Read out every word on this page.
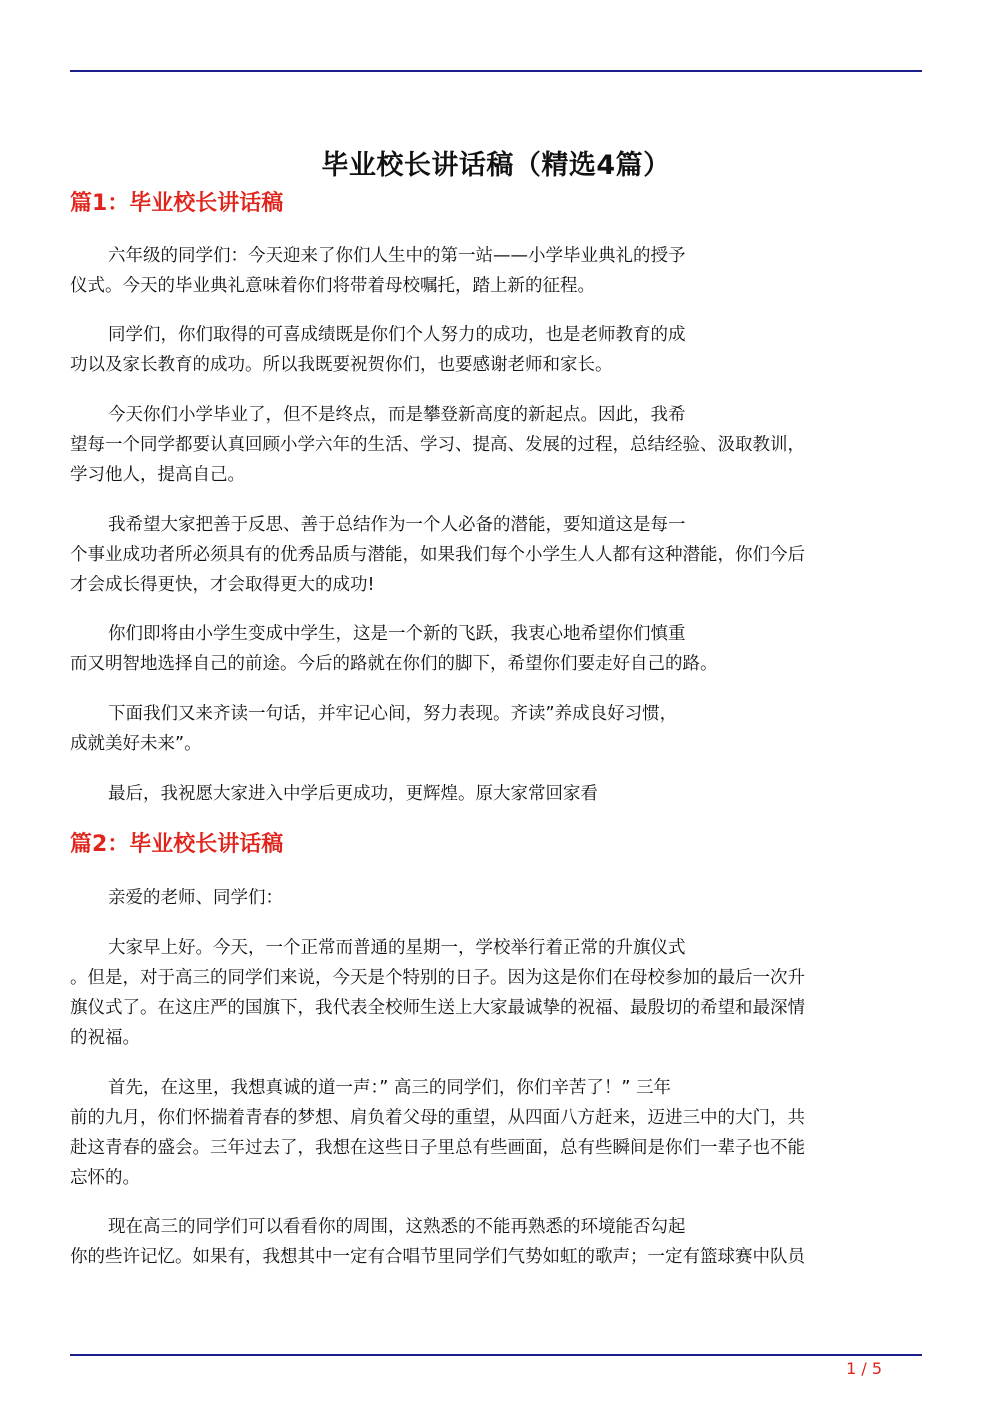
毕业校长讲话稿（精选4篇）
篇1：毕业校长讲话稿

六年级的同学们：今天迎来了你们人生中的第一站——小学毕业典礼的授予
仪式。今天的毕业典礼意味着你们将带着母校嘱托，踏上新的征程。

同学们，你们取得的可喜成绩既是你们个人努力的成功，也是老师教育的成
功以及家长教育的成功。所以我既要祝贺你们，也要感谢老师和家长。

今天你们小学毕业了，但不是终点，而是攀登新高度的新起点。因此，我希
望每一个同学都要认真回顾小学六年的生活、学习、提高、发展的过程，总结经验、汲取教训，
学习他人，提高自己。

我希望大家把善于反思、善于总结作为一个人必备的潜能，要知道这是每一
个事业成功者所必须具有的优秀品质与潜能，如果我们每个小学生人人都有这种潜能，你们今后
才会成长得更快，才会取得更大的成功!

你们即将由小学生变成中学生，这是一个新的飞跃，我衷心地希望你们慎重
而又明智地选择自己的前途。今后的路就在你们的脚下，希望你们要走好自己的路。

下面我们又来齐读一句话，并牢记心间，努力表现。齐读”养成良好习惯，
成就美好未来”。

最后，我祝愿大家进入中学后更成功，更辉煌。原大家常回家看

篇2：毕业校长讲话稿

亲爱的老师、同学们：

大家早上好。今天，一个正常而普通的星期一，学校举行着正常的升旗仪式
。但是，对于高三的同学们来说，今天是个特别的日子。因为这是你们在母校参加的最后一次升
旗仪式了。在这庄严的国旗下，我代表全校师生送上大家最诚挚的祝福、最殷切的希望和最深情
的祝福。

首先，在这里，我想真诚的道一声：” 高三的同学们，你们辛苦了！” 三年
前的九月，你们怀揣着青春的梦想、肩负着父母的重望，从四面八方赶来，迈进三中的大门，共
赴这青春的盛会。三年过去了，我想在这些日子里总有些画面，总有些瞬间是你们一辈子也不能
忘怀的。

现在高三的同学们可以看看你的周围，这熟悉的不能再熟悉的环境能否勾起
你的些许记忆。如果有，我想其中一定有合唱节里同学们气势如虹的歌声；一定有篮球赛中队员

1 / 5
